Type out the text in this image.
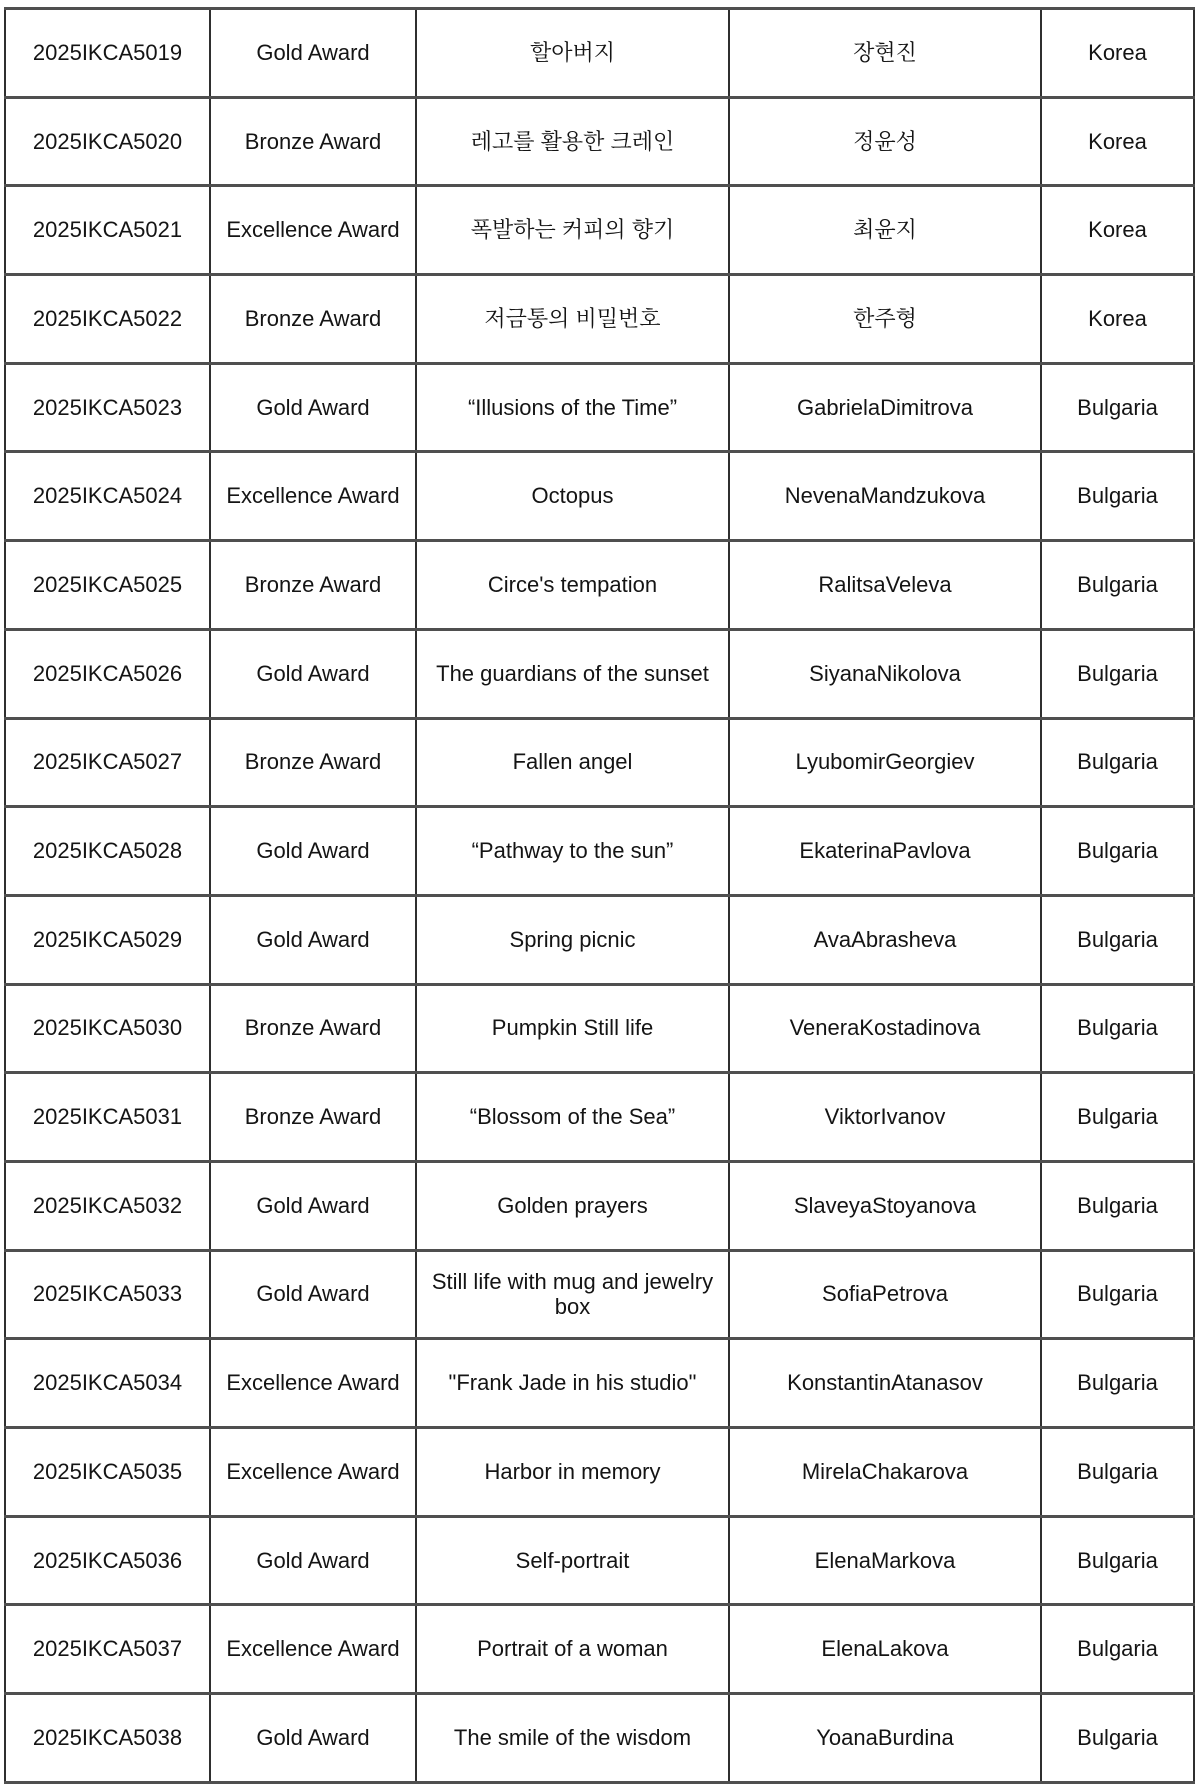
2025IKCA5019	Gold Award	할아버지	장현진	Korea
2025IKCA5020	Bronze Award	레고를 활용한 크레인	정윤성	Korea
2025IKCA5021	Excellence Award	폭발하는 커피의 향기	최윤지	Korea
2025IKCA5022	Bronze Award	저금통의 비밀번호	한주형	Korea
2025IKCA5023	Gold Award	“Illusions of the Time”	GabrielaDimitrova	Bulgaria
2025IKCA5024	Excellence Award	Octopus	NevenaMandzukova	Bulgaria
2025IKCA5025	Bronze Award	Circe's tempation	RalitsaVeleva	Bulgaria
2025IKCA5026	Gold Award	The guardians of the sunset	SiyanaNikolova	Bulgaria
2025IKCA5027	Bronze Award	Fallen angel	LyubomirGeorgiev	Bulgaria
2025IKCA5028	Gold Award	“Pathway to the sun”	EkaterinaPavlova	Bulgaria
2025IKCA5029	Gold Award	Spring picnic	AvaAbrasheva	Bulgaria
2025IKCA5030	Bronze Award	Pumpkin Still life	VeneraKostadinova	Bulgaria
2025IKCA5031	Bronze Award	“Blossom of the Sea”	ViktorIvanov	Bulgaria
2025IKCA5032	Gold Award	Golden prayers	SlaveyaStoyanova	Bulgaria
2025IKCA5033	Gold Award	Still life with mug and jewelry box	SofiaPetrova	Bulgaria
2025IKCA5034	Excellence Award	"Frank Jade in his studio"	KonstantinAtanasov	Bulgaria
2025IKCA5035	Excellence Award	Harbor in memory	MirelaChakarova	Bulgaria
2025IKCA5036	Gold Award	Self-portrait	ElenaMarkova	Bulgaria
2025IKCA5037	Excellence Award	Portrait of a woman	ElenaLakova	Bulgaria
2025IKCA5038	Gold Award	The smile of the wisdom	YoanaBurdina	Bulgaria
